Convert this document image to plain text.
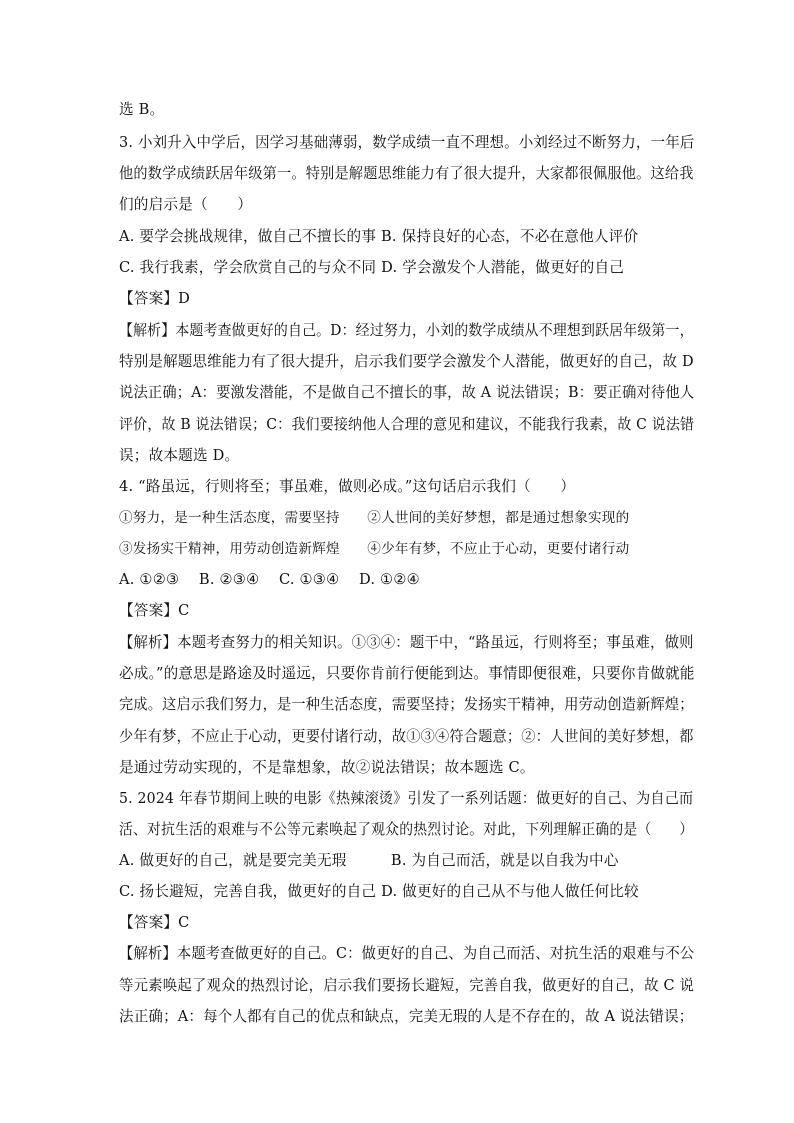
选 B。
3. 小刘升入中学后，因学习基础薄弱，数学成绩一直不理想。小刘经过不断努力，一年后
他的数学成绩跃居年级第一。特别是解题思维能力有了很大提升，大家都很佩服他。这给我
们的启示是（　　）
A. 要学会挑战规律，做自己不擅长的事 B. 保持良好的心态，不必在意他人评价
C. 我行我素，学会欣赏自己的与众不同 D. 学会激发个人潜能，做更好的自己
【答案】D
【解析】本题考查做更好的自己。D：经过努力，小刘的数学成绩从不理想到跃居年级第一，
特别是解题思维能力有了很大提升，启示我们要学会激发个人潜能，做更好的自己，故 D
说法正确；A：要激发潜能，不是做自己不擅长的事，故 A 说法错误；B：要正确对待他人
评价，故 B 说法错误；C：我们要接纳他人合理的意见和建议，不能我行我素，故 C 说法错
误；故本题选 D。
4. “路虽远，行则将至；事虽难，做则必成。”这句话启示我们（　　）
①努力，是一种生活态度，需要坚持　　②人世间的美好梦想，都是通过想象实现的
③发扬实干精神，用劳动创造新辉煌　　④少年有梦，不应止于心动，更要付诸行动
A. ①②③　 B. ②③④　 C. ①③④　 D. ①②④
【答案】C
【解析】本题考查努力的相关知识。①③④：题干中，“路虽远，行则将至；事虽难，做则
必成。”的意思是路途及时遥远，只要你肯前行便能到达。事情即便很难，只要你肯做就能
完成。这启示我们努力，是一种生活态度，需要坚持；发扬实干精神，用劳动创造新辉煌；
少年有梦，不应止于心动，更要付诸行动，故①③④符合题意；②：人世间的美好梦想，都
是通过劳动实现的，不是靠想象，故②说法错误；故本题选 C。
5. 2024 年春节期间上映的电影《热辣滚烫》引发了一系列话题：做更好的自己、为自己而
活、对抗生活的艰难与不公等元素唤起了观众的热烈讨论。对此，下列理解正确的是（　　）
A. 做更好的自己，就是要完美无瑕　　　B. 为自己而活，就是以自我为中心
C. 扬长避短，完善自我，做更好的自己 D. 做更好的自己从不与他人做任何比较
【答案】C
【解析】本题考查做更好的自己。C：做更好的自己、为自己而活、对抗生活的艰难与不公
等元素唤起了观众的热烈讨论，启示我们要扬长避短，完善自我，做更好的自己，故 C 说
法正确；A：每个人都有自己的优点和缺点，完美无瑕的人是不存在的，故 A 说法错误；
